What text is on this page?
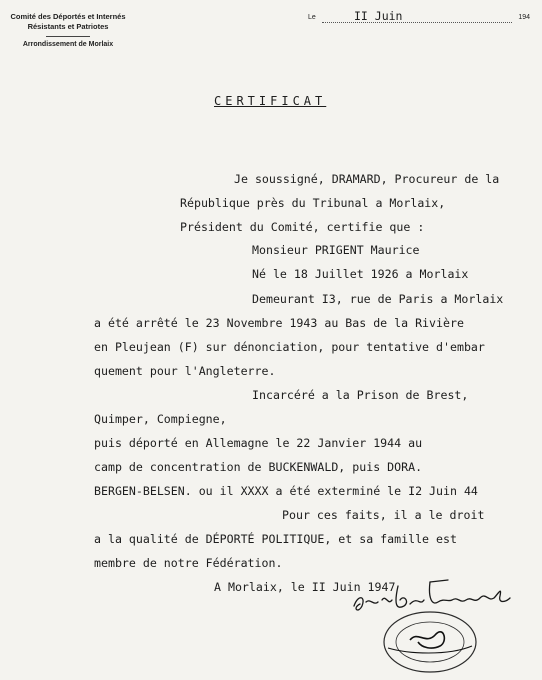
Comité des Déportés et Internés
Résistants et Patriotes
Arrondissement de Morlaix
Le	II Juin	194
CERTIFICAT
Je soussigné, DRAMARD, Procureur de la
République près du Tribunal a Morlaix,
Président du Comité, certifie que :
Monsieur PRIGENT Maurice
Né le 18 Juillet 1926 a Morlaix
Demeurant I3, rue de Paris a Morlaix
a été arrêté le 23 Novembre 1943 au Bas de la Rivière
en Pleujean (F) sur dénonciation, pour tentative d'embar
quement pour l'Angleterre.
Incarcéré a la Prison de Brest,
Quimper, Compiegne,
puis déporté en Allemagne le 22 Janvier 1944 au
camp de concentration de BUCKENWALD, puis DORA.
BERGEN-BELSEN. ou il XXXX a été exterminé le I2 Juin 44
Pour ces faits, il a le droit
a la qualité de DÉPORTÉ POLITIQUE, et sa famille est
membre de notre Fédération.
A Morlaix, le II Juin 1947
